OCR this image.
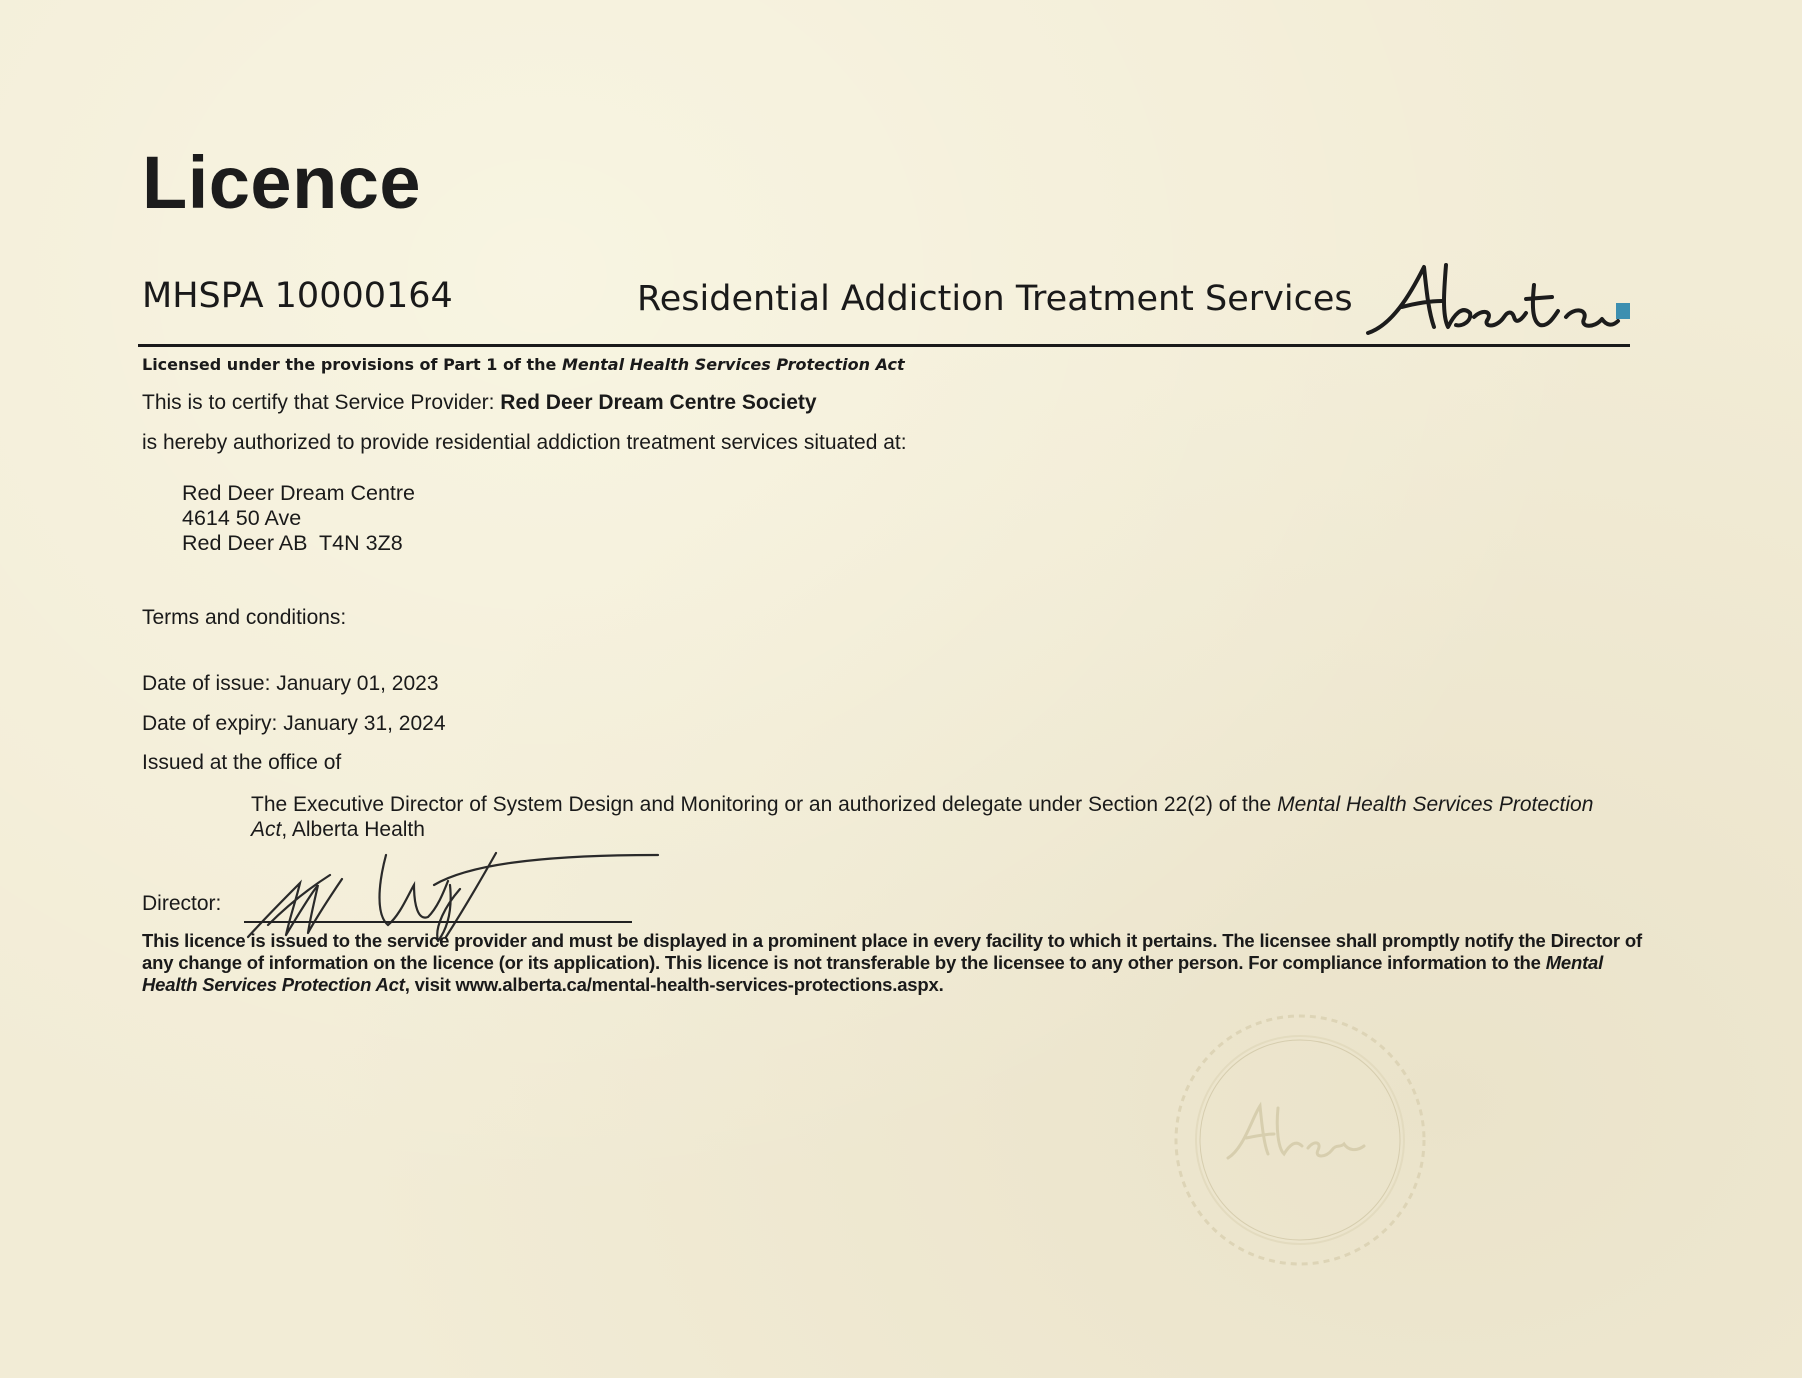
Licence
MHSPA 10000164	Residential Addiction Treatment Services
Licensed under the provisions of Part 1 of the Mental Health Services Protection Act
This is to certify that Service Provider: Red Deer Dream Centre Society
is hereby authorized to provide residential addiction treatment services situated at:
Red Deer Dream Centre
4614 50 Ave
Red Deer AB  T4N 3Z8
Terms and conditions:
Date of issue: January 01, 2023
Date of expiry: January 31, 2024
Issued at the office of
The Executive Director of System Design and Monitoring or an authorized delegate under Section 22(2) of the Mental Health Services Protection Act, Alberta Health
Director:
This licence is issued to the service provider and must be displayed in a prominent place in every facility to which it pertains. The licensee shall promptly notify the Director of any change of information on the licence (or its application). This licence is not transferable by the licensee to any other person. For compliance information to the Mental Health Services Protection Act, visit www.alberta.ca/mental-health-services-protections.aspx.
